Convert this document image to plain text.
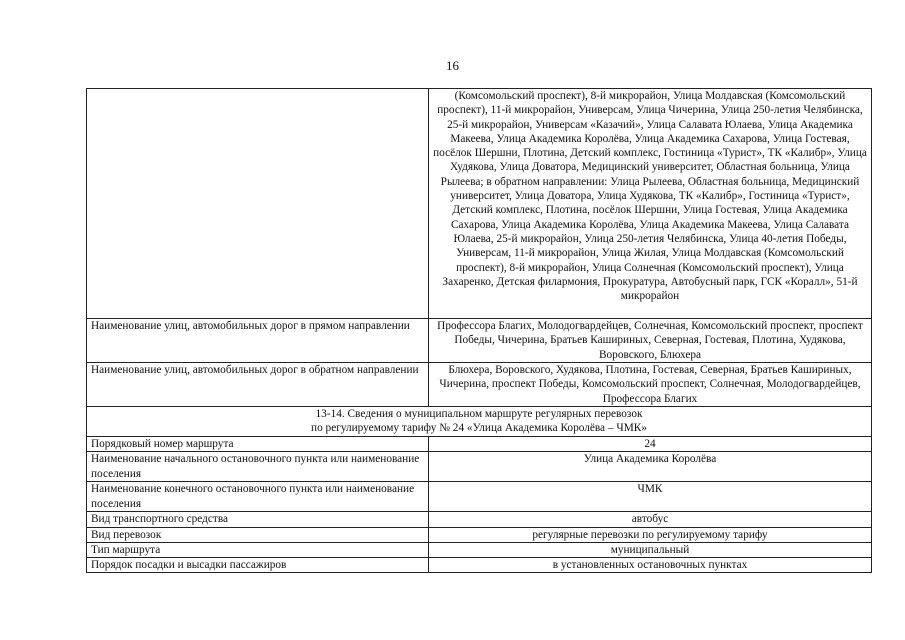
16
	(Комсомольский проспект), 8-й микрорайон, Улица Молдавская (Комсомольский проспект), 11-й микрорайон, Универсам, Улица Чичерина, Улица 250-летия Челябинска, 25-й микрорайон, Универсам «Казачий», Улица Салавата Юлаева, Улица Академика Макеева, Улица Академика Королёва, Улица Академика Сахарова, Улица Гостевая, посёлок Шершни, Плотина, Детский комплекс, Гостиница «Турист», ТК «Калибр», Улица Худякова, Улица Доватора, Медицинский университет, Областная больница, Улица Рылеева; в обратном направлении: Улица Рылеева, Областная больница, Медицинский университет, Улица Доватора, Улица Худякова, ТК «Калибр», Гостиница «Турист», Детский комплекс, Плотина, посёлок Шершни, Улица Гостевая, Улица Академика Сахарова, Улица Академика Королёва, Улица Академика Макеева, Улица Салавата Юлаева, 25-й микрорайон, Улица 250-летия Челябинска, Улица 40-летия Победы, Универсам, 11-й микрорайон, Улица Жилая, Улица Молдавская (Комсомольский проспект), 8-й микрорайон, Улица Солнечная (Комсомольский проспект), Улица Захаренко, Детская филармония, Прокуратура, Автобусный парк, ГСК «Коралл», 51-й микрорайон
Наименование улиц, автомобильных дорог в прямом направлении	Профессора Благих, Молодогвардейцев, Солнечная, Комсомольский проспект, проспект Победы, Чичерина, Братьев Кашириных, Северная, Гостевая, Плотина, Худякова, Воровского, Блюхера
Наименование улиц, автомобильных дорог в обратном направлении	Блюхера, Воровского, Худякова, Плотина, Гостевая, Северная, Братьев Кашириных, Чичерина, проспект Победы, Комсомольский проспект, Солнечная, Молодогвардейцев, Профессора Благих

13-14. Сведения о муниципальном маршруте регулярных перевозок
по регулируемому тарифу № 24 «Улица Академика Королёва – ЧМК»	

Порядковый номер маршрута	24
Наименование начального остановочного пункта или наименование поселения	Улица Академика Королёва
Наименование конечного остановочного пункта или наименование поселения	ЧМК
Вид транспортного средства	автобус
Вид перевозок	регулярные перевозки по регулируемому тарифу
Тип маршрута	муниципальный
Порядок посадки и высадки пассажиров	в установленных остановочных пунктах
